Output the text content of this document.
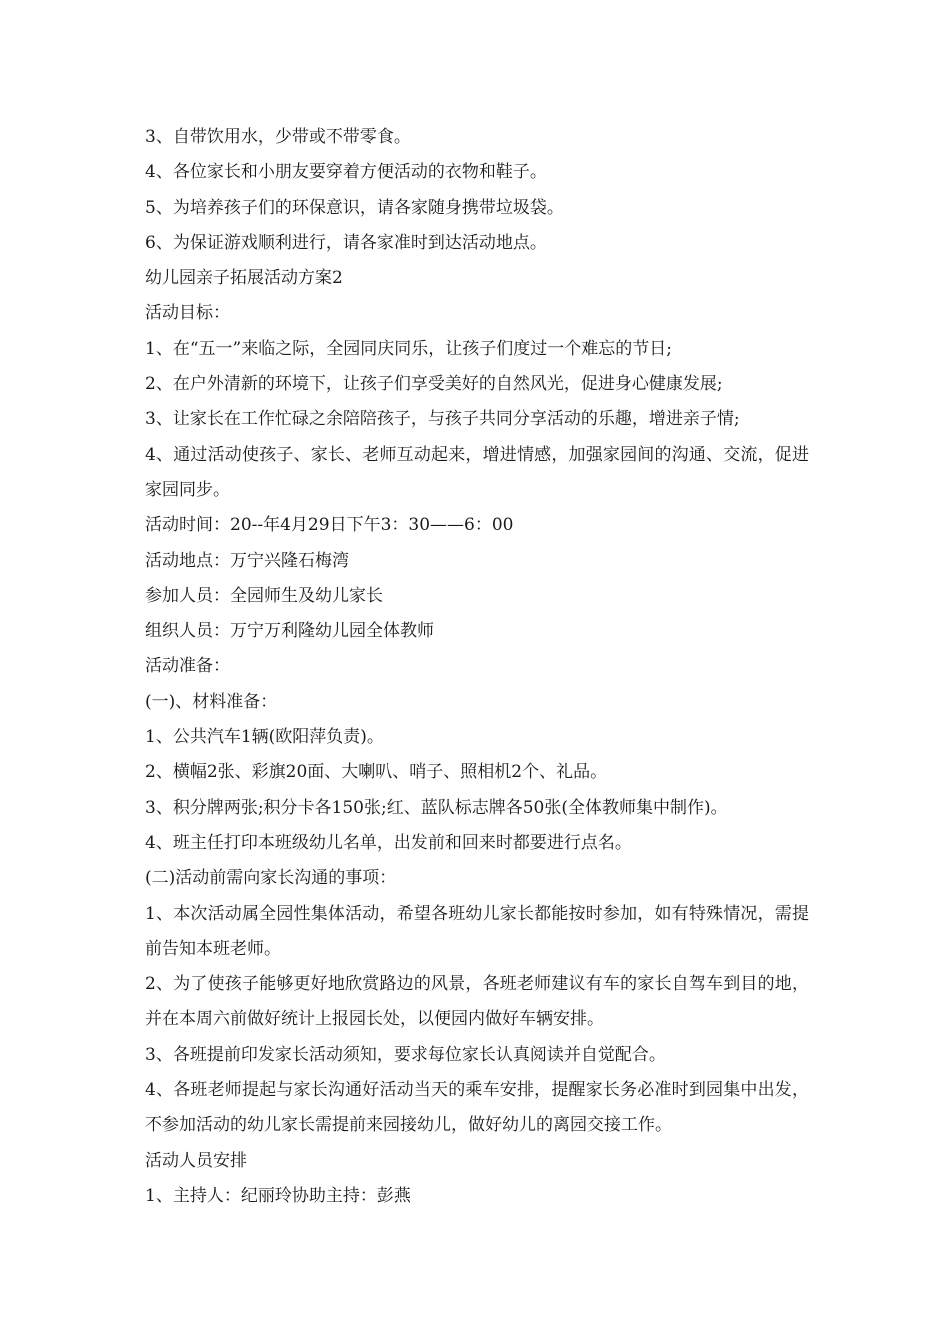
3、自带饮用水，少带或不带零食。
4、各位家长和小朋友要穿着方便活动的衣物和鞋子。
5、为培养孩子们的环保意识，请各家随身携带垃圾袋。
6、为保证游戏顺利进行，请各家准时到达活动地点。
幼儿园亲子拓展活动方案2
活动目标：
1、在“五一”来临之际，全园同庆同乐，让孩子们度过一个难忘的节日;
2、在户外清新的环境下，让孩子们享受美好的自然风光，促进身心健康发展;
3、让家长在工作忙碌之余陪陪孩子，与孩子共同分享活动的乐趣，增进亲子情;
4、通过活动使孩子、家长、老师互动起来，增进情感，加强家园间的沟通、交流，促进家园同步。
活动时间：20--年4月29日下午3：30——6：00
活动地点：万宁兴隆石梅湾
参加人员：全园师生及幼儿家长
组织人员：万宁万利隆幼儿园全体教师
活动准备：
(一)、材料准备：
1、公共汽车1辆(欧阳萍负责)。
2、横幅2张、彩旗20面、大喇叭、哨子、照相机2个、礼品。
3、积分牌两张;积分卡各150张;红、蓝队标志牌各50张(全体教师集中制作)。
4、班主任打印本班级幼儿名单，出发前和回来时都要进行点名。
(二)活动前需向家长沟通的事项：
1、本次活动属全园性集体活动，希望各班幼儿家长都能按时参加，如有特殊情况，需提前告知本班老师。
2、为了使孩子能够更好地欣赏路边的风景，各班老师建议有车的家长自驾车到目的地，并在本周六前做好统计上报园长处，以便园内做好车辆安排。
3、各班提前印发家长活动须知，要求每位家长认真阅读并自觉配合。
4、各班老师提起与家长沟通好活动当天的乘车安排，提醒家长务必准时到园集中出发，不参加活动的幼儿家长需提前来园接幼儿，做好幼儿的离园交接工作。
活动人员安排
1、主持人：纪丽玲协助主持：彭燕
